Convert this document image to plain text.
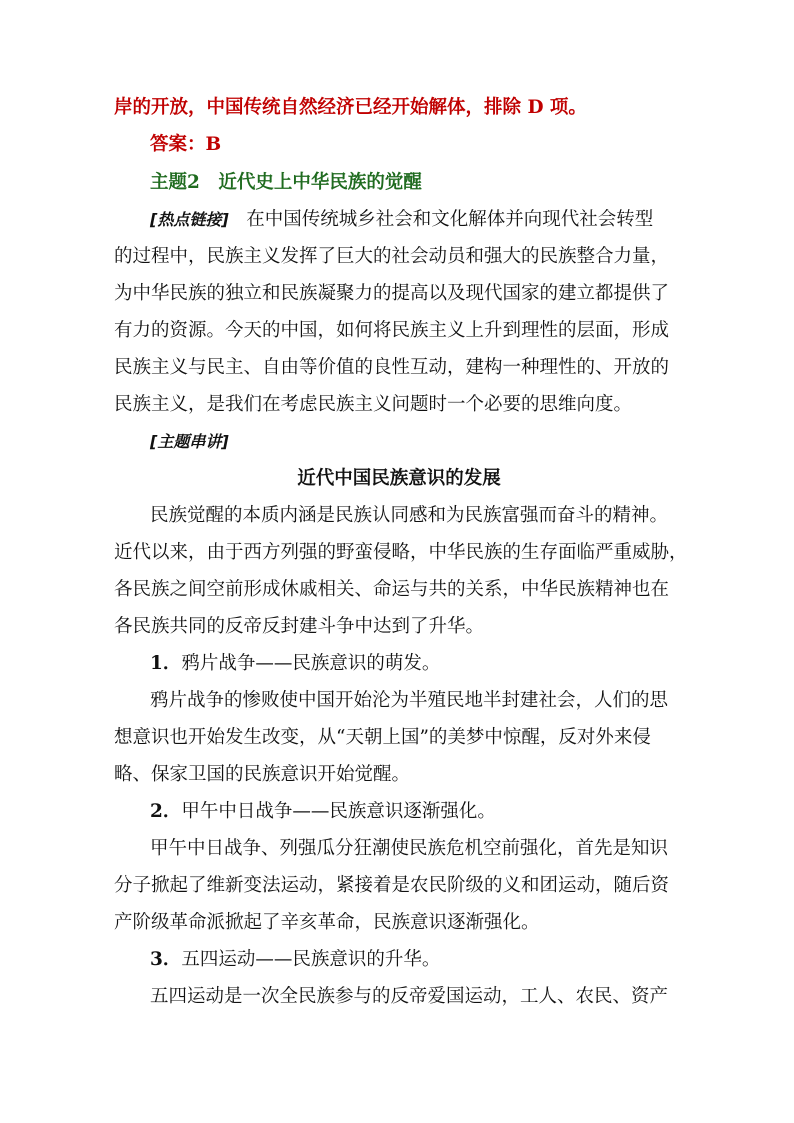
岸的开放，中国传统自然经济已经开始解体，排除 D 项。

答案：B

主题2　近代史上中华民族的觉醒

[热点链接] 在中国传统城乡社会和文化解体并向现代社会转型

的过程中，民族主义发挥了巨大的社会动员和强大的民族整合力量，

为中华民族的独立和民族凝聚力的提高以及现代国家的建立都提供了

有力的资源。今天的中国，如何将民族主义上升到理性的层面，形成

民族主义与民主、自由等价值的良性互动，建构一种理性的、开放的

民族主义，是我们在考虑民族主义问题时一个必要的思维向度。

[主题串讲]

近代中国民族意识的发展

民族觉醒的本质内涵是民族认同感和为民族富强而奋斗的精神。

近代以来，由于西方列强的野蛮侵略，中华民族的生存面临严重威胁，

各民族之间空前形成休戚相关、命运与共的关系，中华民族精神也在

各民族共同的反帝反封建斗争中达到了升华。

1．鸦片战争——民族意识的萌发。

鸦片战争的惨败使中国开始沦为半殖民地半封建社会，人们的思

想意识也开始发生改变，从“天朝上国”的美梦中惊醒，反对外来侵

略、保家卫国的民族意识开始觉醒。

2．甲午中日战争——民族意识逐渐强化。

甲午中日战争、列强瓜分狂潮使民族危机空前强化，首先是知识

分子掀起了维新变法运动，紧接着是农民阶级的义和团运动，随后资

产阶级革命派掀起了辛亥革命，民族意识逐渐强化。

3．五四运动——民族意识的升华。

五四运动是一次全民族参与的反帝爱国运动，工人、农民、资产
